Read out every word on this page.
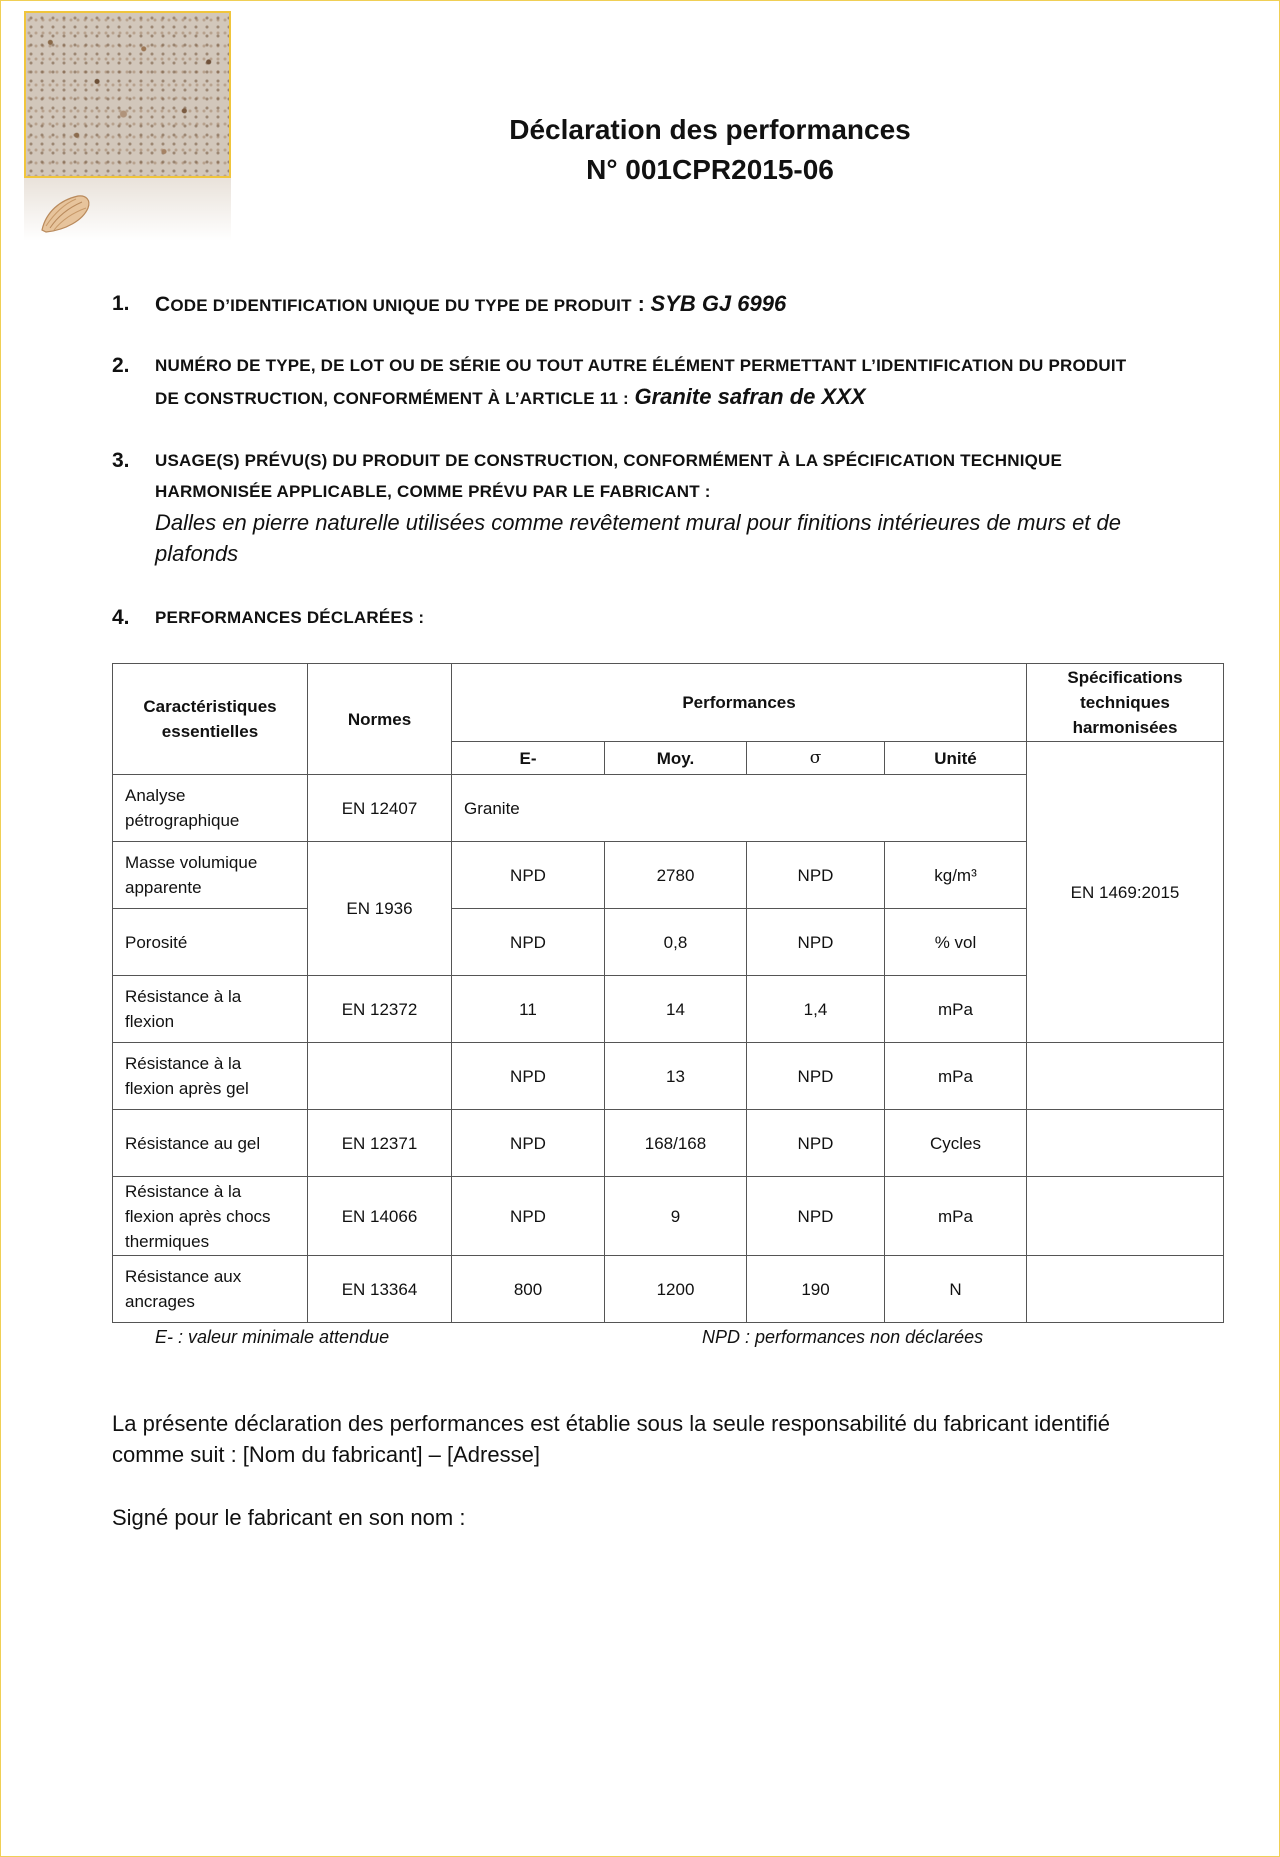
Déclaration des performances
N° 001CPR2015-06
1. CODE D’IDENTIFICATION UNIQUE DU TYPE DE PRODUIT : SYB GJ 6996
2. NUMÉRO DE TYPE, DE LOT OU DE SÉRIE OU TOUT AUTRE ÉLÉMENT PERMETTANT L’IDENTIFICATION DU PRODUIT
DE CONSTRUCTION, CONFORMÉMENT À L’ARTICLE 11 : Granite safran de XXX
3. USAGE(S) PRÉVU(S) DU PRODUIT DE CONSTRUCTION, CONFORMÉMENT À LA SPÉCIFICATION TECHNIQUE
HARMONISÉE APPLICABLE, COMME PRÉVU PAR LE FABRICANT :
Dalles en pierre naturelle utilisées comme revêtement mural pour finitions intérieures de murs et de plafonds
4. PERFORMANCES DÉCLARÉES :
Caractéristiques essentielles	Normes	Performances				Spécifications techniques harmonisées
		E-	Moy.	σ	Unité	EN 1469:2015
Analyse pétrographique	EN 12407	Granite				
Masse volumique apparente	EN 1936	NPD	2780	NPD	kg/m³	
Porosité		NPD	0,8	NPD	% vol	
Résistance à la flexion	EN 12372	11	14	1,4	mPa	
Résistance à la flexion après gel		NPD	13	NPD	mPa	
Résistance au gel	EN 12371	NPD	168/168	NPD	Cycles	
Résistance à la flexion après chocs thermiques	EN 14066	NPD	9	NPD	mPa	
Résistance aux ancrages	EN 13364	800	1200	190	N	
E- : valeur minimale attendue	NPD : performances non déclarées
La présente déclaration des performances est établie sous la seule responsabilité du fabricant identifié comme suit : [Nom du fabricant] – [Adresse]
Signé pour le fabricant en son nom :
